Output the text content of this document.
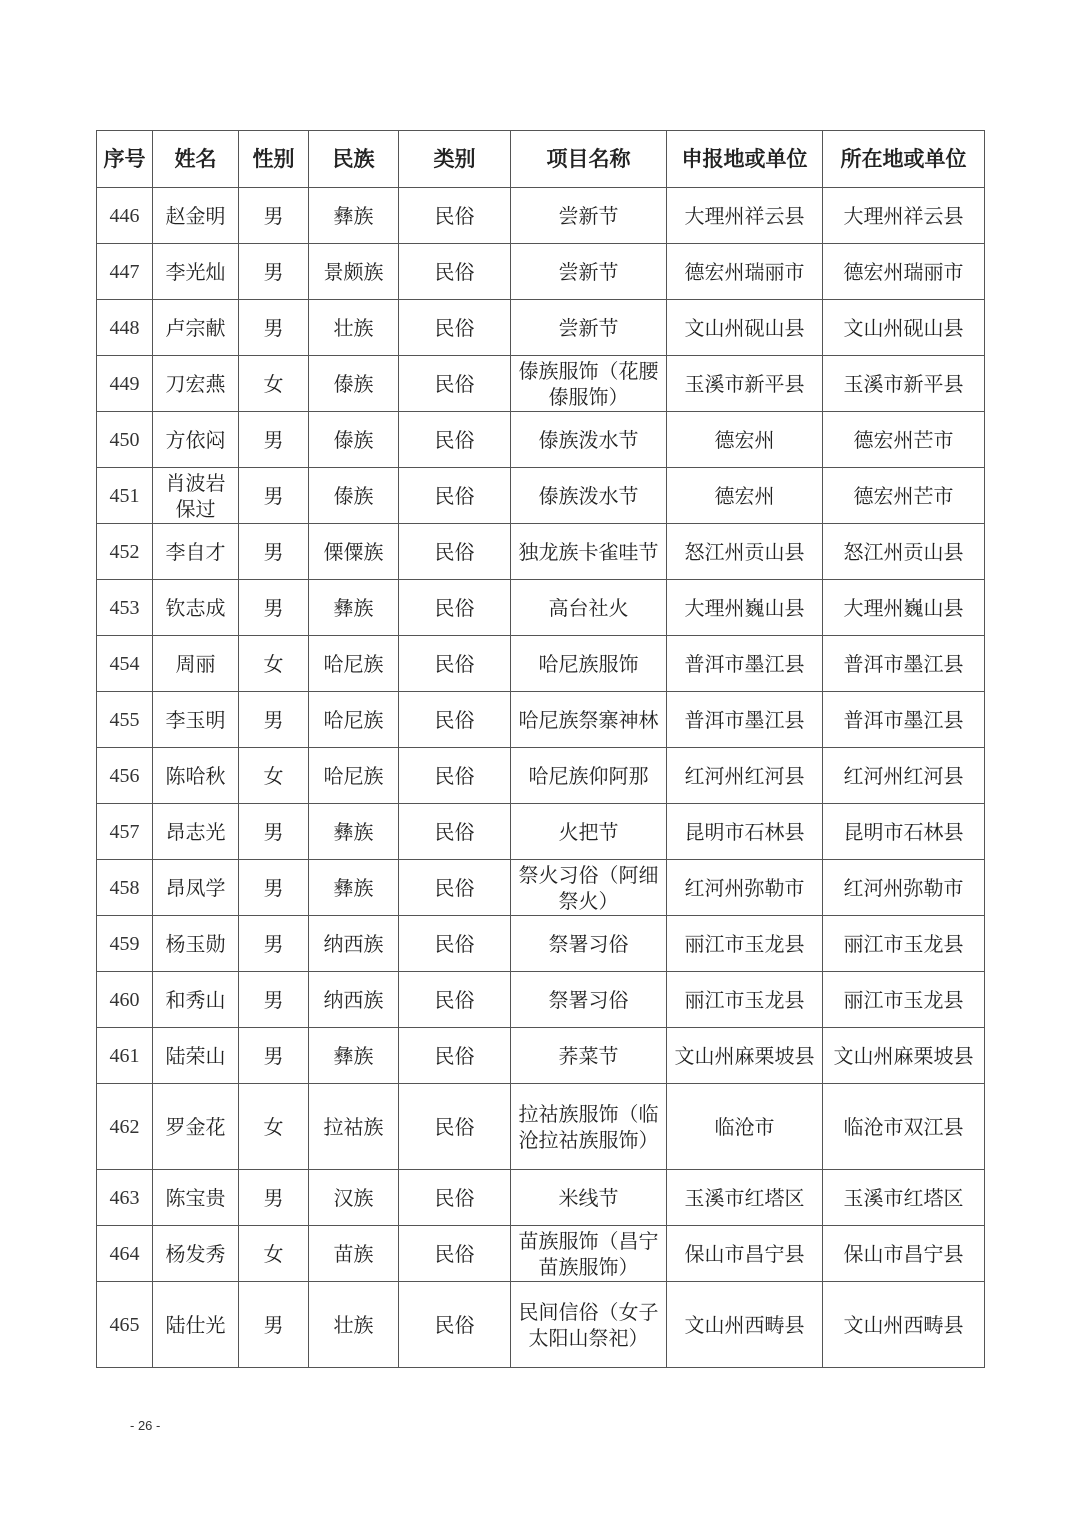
序号	姓名	性别	民族	类别	项目名称	申报地或单位	所在地或单位
446	赵金明	男	彝族	民俗	尝新节	大理州祥云县	大理州祥云县
447	李光灿	男	景颇族	民俗	尝新节	德宏州瑞丽市	德宏州瑞丽市
448	卢宗献	男	壮族	民俗	尝新节	文山州砚山县	文山州砚山县
449	刀宏燕	女	傣族	民俗	傣族服饰（花腰傣服饰）	玉溪市新平县	玉溪市新平县
450	方依闷	男	傣族	民俗	傣族泼水节	德宏州	德宏州芒市
451	肖波岩保过	男	傣族	民俗	傣族泼水节	德宏州	德宏州芒市
452	李自才	男	傈僳族	民俗	独龙族卡雀哇节	怒江州贡山县	怒江州贡山县
453	钦志成	男	彝族	民俗	高台社火	大理州巍山县	大理州巍山县
454	周丽	女	哈尼族	民俗	哈尼族服饰	普洱市墨江县	普洱市墨江县
455	李玉明	男	哈尼族	民俗	哈尼族祭寨神林	普洱市墨江县	普洱市墨江县
456	陈哈秋	女	哈尼族	民俗	哈尼族仰阿那	红河州红河县	红河州红河县
457	昂志光	男	彝族	民俗	火把节	昆明市石林县	昆明市石林县
458	昂凤学	男	彝族	民俗	祭火习俗（阿细祭火）	红河州弥勒市	红河州弥勒市
459	杨玉勋	男	纳西族	民俗	祭署习俗	丽江市玉龙县	丽江市玉龙县
460	和秀山	男	纳西族	民俗	祭署习俗	丽江市玉龙县	丽江市玉龙县
461	陆荣山	男	彝族	民俗	荞菜节	文山州麻栗坡县	文山州麻栗坡县
462	罗金花	女	拉祜族	民俗	拉祜族服饰（临沧拉祜族服饰）	临沧市	临沧市双江县
463	陈宝贵	男	汉族	民俗	米线节	玉溪市红塔区	玉溪市红塔区
464	杨发秀	女	苗族	民俗	苗族服饰（昌宁苗族服饰）	保山市昌宁县	保山市昌宁县
465	陆仕光	男	壮族	民俗	民间信俗（女子太阳山祭祀）	文山州西畴县	文山州西畴县
- 26 -
